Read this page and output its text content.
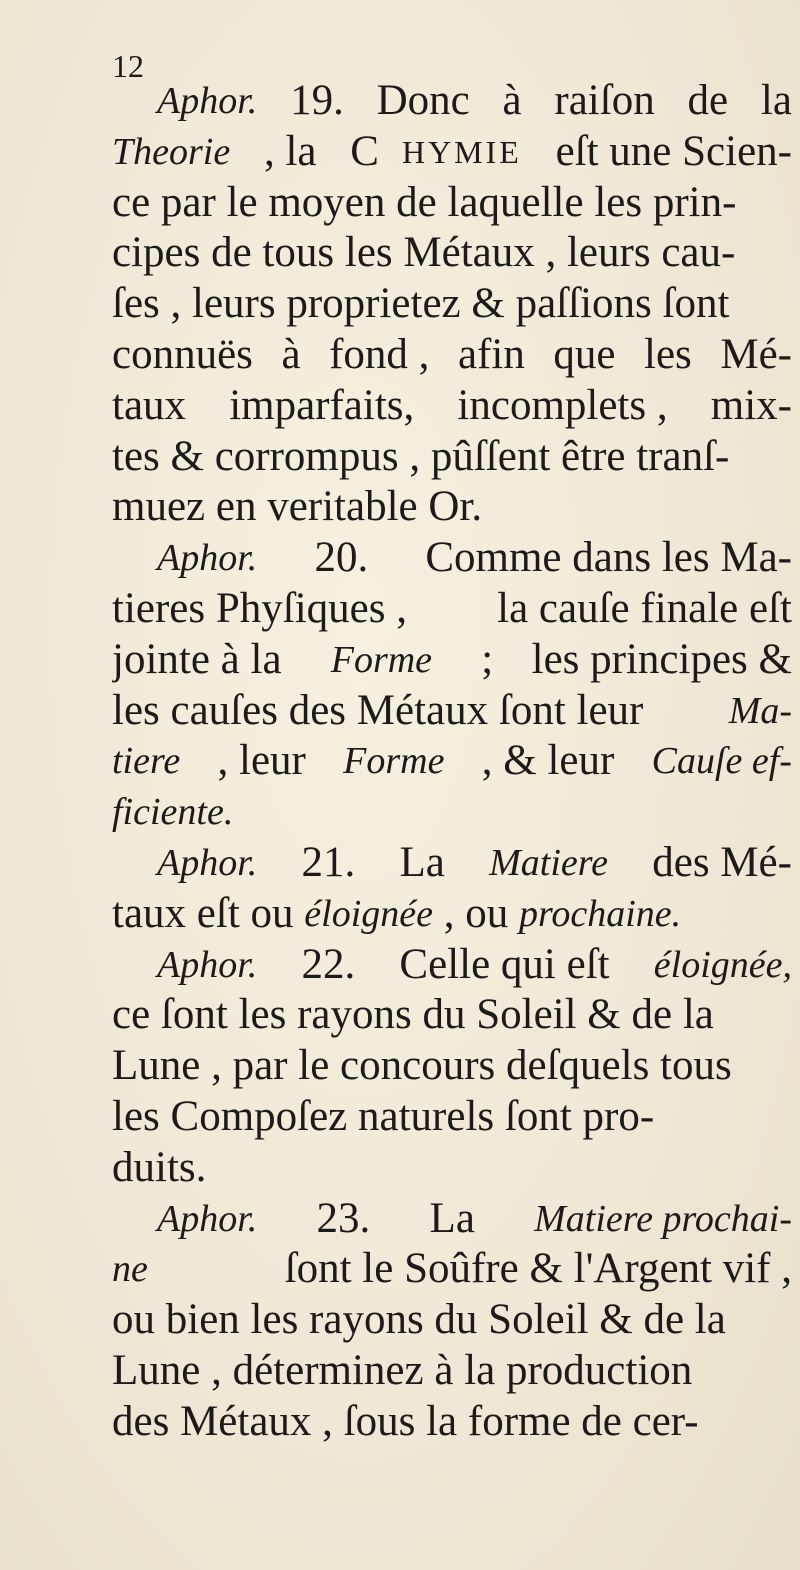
12
Aphor. 19. Donc à raiſon de la
Theorie , la C HYMIE eſt une Scien-
ce par le moyen de laquelle les prin-
cipes de tous les Métaux , leurs cau-
ſes , leurs proprietez & paſſions ſont
connuës à fond , afin que les Mé-
taux imparfaits, incomplets , mix-
tes & corrompus , pûſſent être tranſ-
muez en veritable Or.
Aphor. 20. Comme dans les Ma-
tieres Phyſiques , la cauſe finale eſt
jointe à la Forme ; les principes &
les cauſes des Métaux ſont leur Ma-
tiere , leur Forme , & leur Cauſe ef-
ficiente.
Aphor. 21. La Matiere des Mé-
taux eſt ou éloignée , ou prochaine.
Aphor. 22. Celle qui eſt éloignée,
ce ſont les rayons du Soleil & de la
Lune , par le concours deſquels tous
les Compoſez naturels ſont pro-
duits.
Aphor. 23. La Matiere prochai-
ne	ſont le Soûfre & l'Argent vif ,
ou bien les rayons du Soleil & de la
Lune , déterminez à la production
des Métaux , ſous la forme de cer-
